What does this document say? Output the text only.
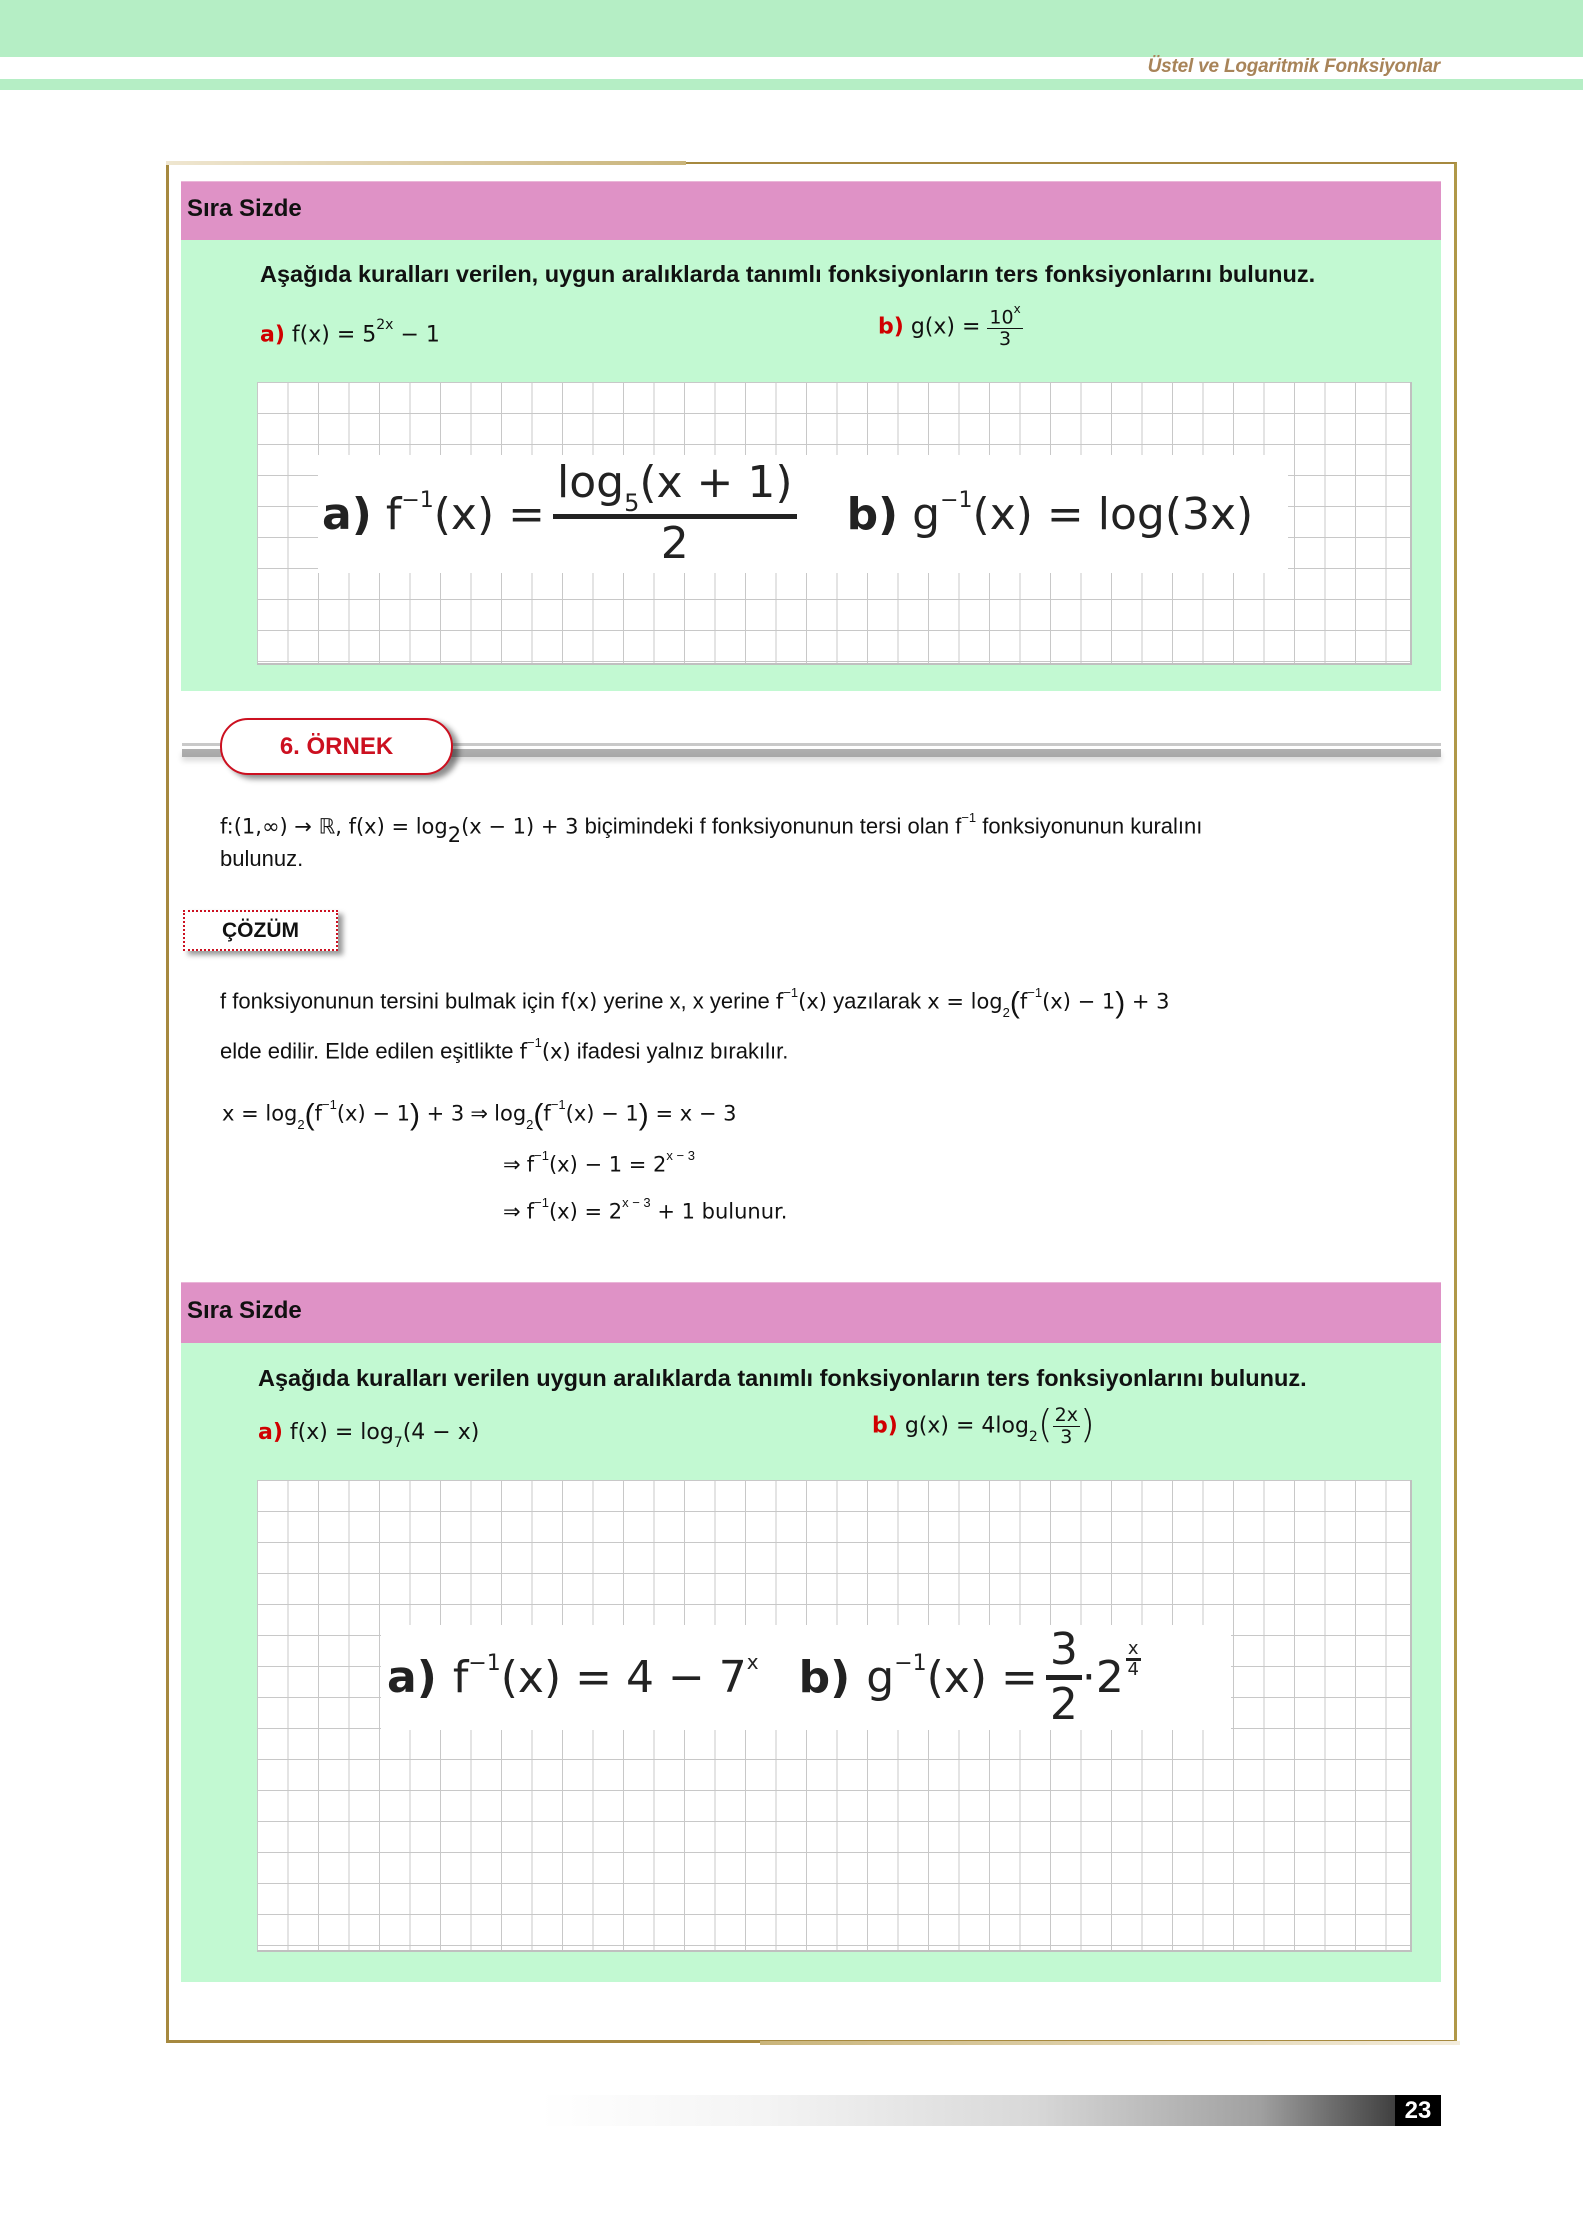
Üstel ve Logaritmik Fonksiyonlar
Sıra Sizde
Aşağıda kuralları verilen, uygun aralıklarda tanımlı fonksiyonların ters fonksiyonlarını bulunuz.
a) $f(x) = 5^{2x} - 1$	b) $g(x) = \frac{10^x}{3}$
a) $f^{-1}$ $(x) = \frac{\log_5(x + 1)}{2} b$) $g^{-1}$ (x) = log(3x)
6. ÖRNEK
f:(1,∞) → ℝ, $f(x) = \log_2(x - 1) + 3$ biçimindeki f fonksiyonunun tersi olan $f^{-1}$ fonksiyonunun kuralını
bulunuz.
ÇÖZÜM
f fonksiyonunun tersini bulmak için f(x) yerine x, x yerine $f^{-1}(x)$ yazılarak $x = \log_2(f^{-1}(x) - 1) + 3$
elde edilir. Elde edilen eşitlikte $f^{-1}(x)$ ifadesi yalnız bırakılır.
$x = \log_2(f^{-1}(x) - 1) + 3$ ⇒ $\log_2(f^{-1}(x) - 1) = x - 3$
⇒ $f^{-1}(x) - 1 = 2^{x - 3}$
⇒ $f^{-1}(x) = 2^{x - 3} + 1$ bulunur.
Sıra Sizde
Aşağıda kuralları verilen uygun aralıklarda tanımlı fonksiyonların ters fonksiyonlarını bulunuz.
a) $f(x) = \log_7(4 - x)$	b) $g(x) = 4\log_2( \frac{2x}{3}$ )
a) $f^{-1}$ $(x) = 4 - 7^x$ b) $g^{-1}$ $(x) = \frac{3}{2} \cdot 2 \frac{x}{4}$
23
